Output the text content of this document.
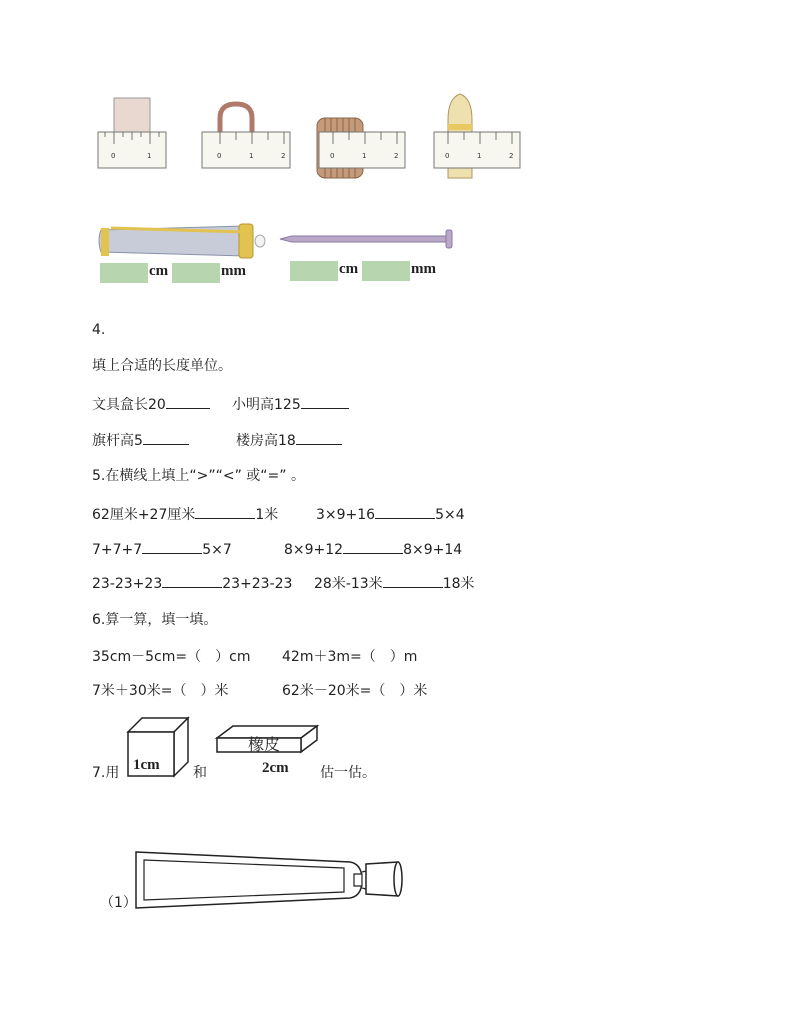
0	1	0	1	2	0	1	2	0	1	2
cm	mm	cm	mm
4.
填上合适的长度单位。
文具盒长20	小明高125
旗杆高5	楼房高18
5.在横线上填上“>”“<” 或“=” 。
62厘米+27厘米	1米	3×9+16	5×4
7+7+7	5×7	8×9+12	8×9+14
23-23+23	23+23-23 28米-13米	18米
6.算一算，填一填。
35cm－5cm=（　）cm 42m＋3m=（　）m
7米＋30米=（　）米	62米－20米=（　）米
7.用 1cm 和
橡皮
2cm 估一估。
（1）
